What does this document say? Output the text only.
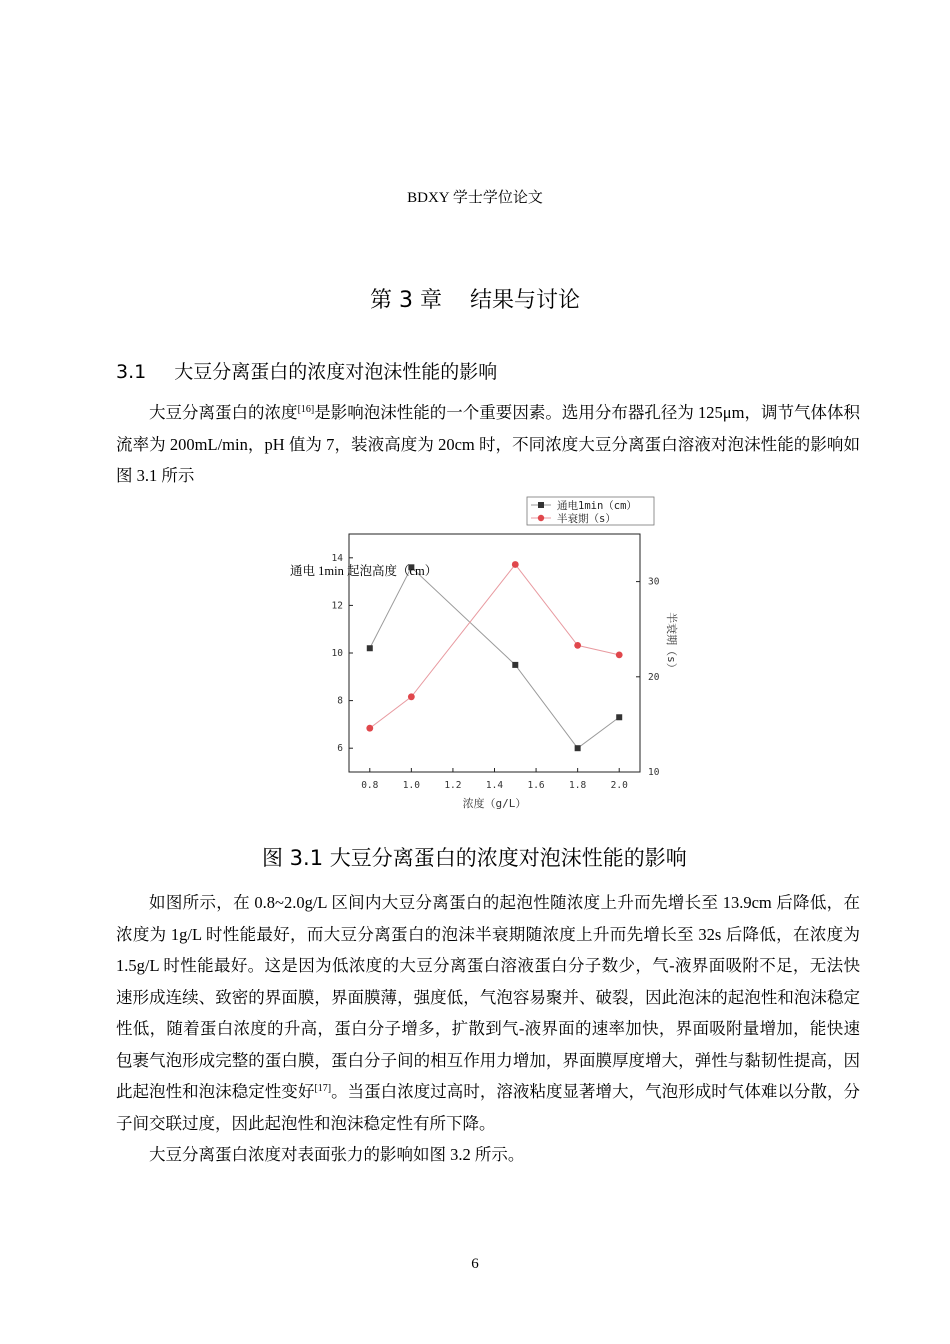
BDXY 学士学位论文
第 3 章 结果与讨论
3.1 大豆分离蛋白的浓度对泡沫性能的影响

大豆分离蛋白的浓度[16]是影响泡沫性能的一个重要因素。选用分布器孔径为 125μm，调节气体体积流率为 200mL/min，pH 值为 7，装液高度为 20cm 时，不同浓度大豆分离蛋白溶液对泡沫性能的影响如图 3.1 所示

0.8	1.0	1.2	1.4	1.6	1.8	2.0
6
8
10
12
14
10
20
30
通电1min（cm）
半衰期（s）
浓度（g/L）
通电 1min 起泡高度（cm）
半衰期（s）
图 3.1 大豆分离蛋白的浓度对泡沫性能的影响

如图所示，在 0.8~2.0g/L 区间内大豆分离蛋白的起泡性随浓度上升而先增长至 13.9cm 后降低，在浓度为 1g/L 时性能最好，而大豆分离蛋白的泡沫半衰期随浓度上升而先增长至 32s 后降低，在浓度为 1.5g/L 时性能最好。这是因为低浓度的大豆分离蛋白溶液蛋白分子数少，气-液界面吸附不足，无法快速形成连续、致密的界面膜，界面膜薄，强度低，气泡容易聚并、破裂，因此泡沫的起泡性和泡沫稳定性低，随着蛋白浓度的升高，蛋白分子增多，扩散到气-液界面的速率加快，界面吸附量增加，能快速包裹气泡形成完整的蛋白膜，蛋白分子间的相互作用力增加，界面膜厚度增大，弹性与黏韧性提高，因此起泡性和泡沫稳定性变好[17]。当蛋白浓度过高时，溶液粘度显著增大，气泡形成时气体难以分散，分子间交联过度，因此起泡性和泡沫稳定性有所下降。

大豆分离蛋白浓度对表面张力的影响如图 3.2 所示。

6
